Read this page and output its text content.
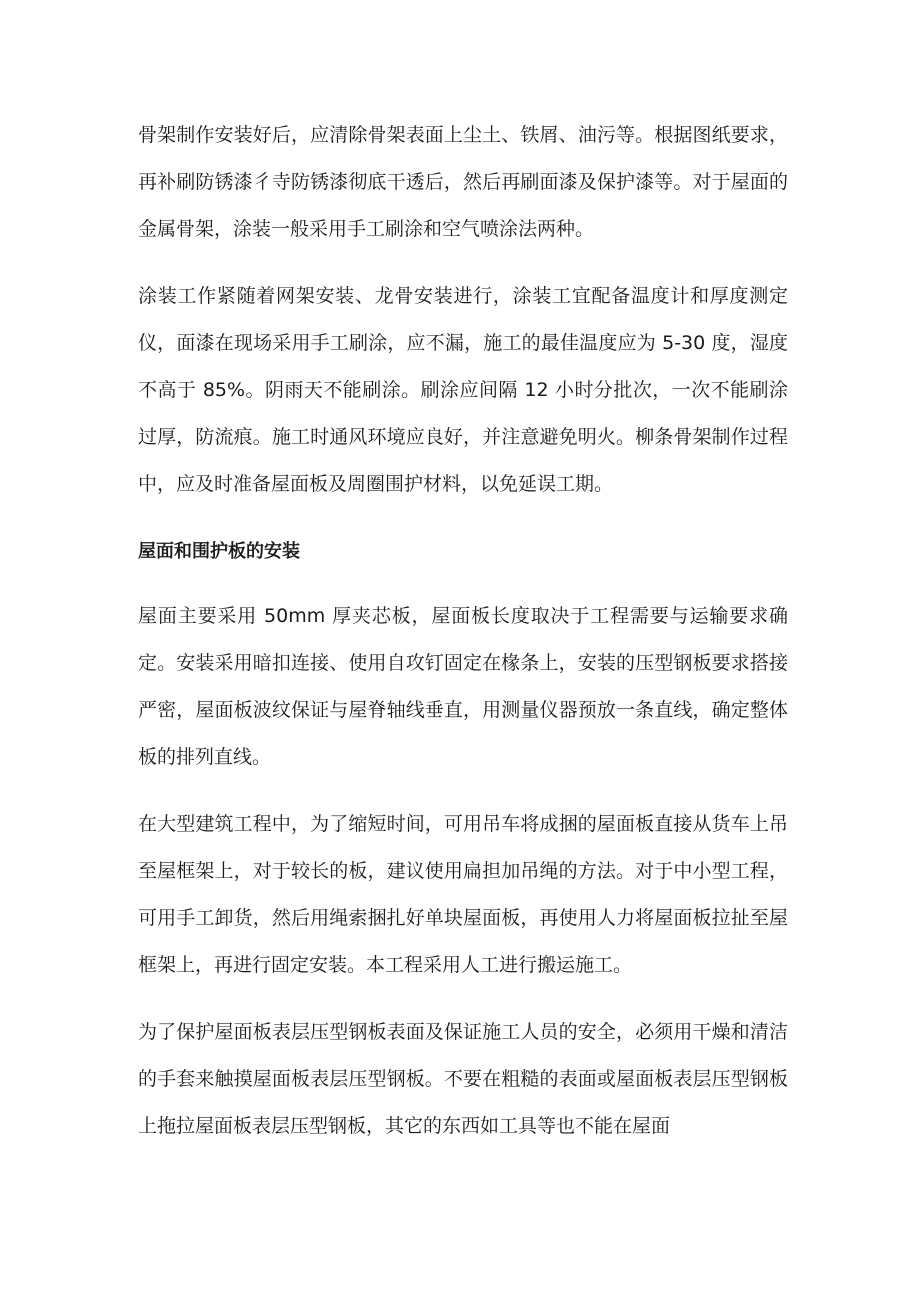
骨架制作安装好后，应清除骨架表面上尘土、铁屑、油污等。根据图纸要求，再补刷防锈漆彳寺防锈漆彻底干透后，然后再刷面漆及保护漆等。对于屋面的金属骨架，涂装一般采用手工刷涂和空气喷涂法两种。

涂装工作紧随着网架安装、龙骨安装进行，涂装工宜配备温度计和厚度测定仪，面漆在现场采用手工刷涂，应不漏，施工的最佳温度应为 5-30 度，湿度不高于 85%。阴雨天不能刷涂。刷涂应间隔 12 小时分批次，一次不能刷涂过厚，防流痕。施工时通风环境应良好，并注意避免明火。柳条骨架制作过程中，应及时准备屋面板及周圈围护材料，以免延误工期。

屋面和围护板的安装

屋面主要采用 50mm 厚夹芯板，屋面板长度取决于工程需要与运输要求确定。安装采用暗扣连接、使用自攻钉固定在椽条上，安装的压型钢板要求搭接严密，屋面板波纹保证与屋脊轴线垂直，用测量仪器预放一条直线，确定整体板的排列直线。

在大型建筑工程中，为了缩短时间，可用吊车将成捆的屋面板直接从货车上吊至屋框架上，对于较长的板，建议使用扁担加吊绳的方法。对于中小型工程，可用手工卸货，然后用绳索捆扎好单块屋面板，再使用人力将屋面板拉扯至屋框架上，再进行固定安装。本工程采用人工进行搬运施工。

为了保护屋面板表层压型钢板表面及保证施工人员的安全，必须用干燥和清洁的手套来触摸屋面板表层压型钢板。不要在粗糙的表面或屋面板表层压型钢板上拖拉屋面板表层压型钢板，其它的东西如工具等也不能在屋面
